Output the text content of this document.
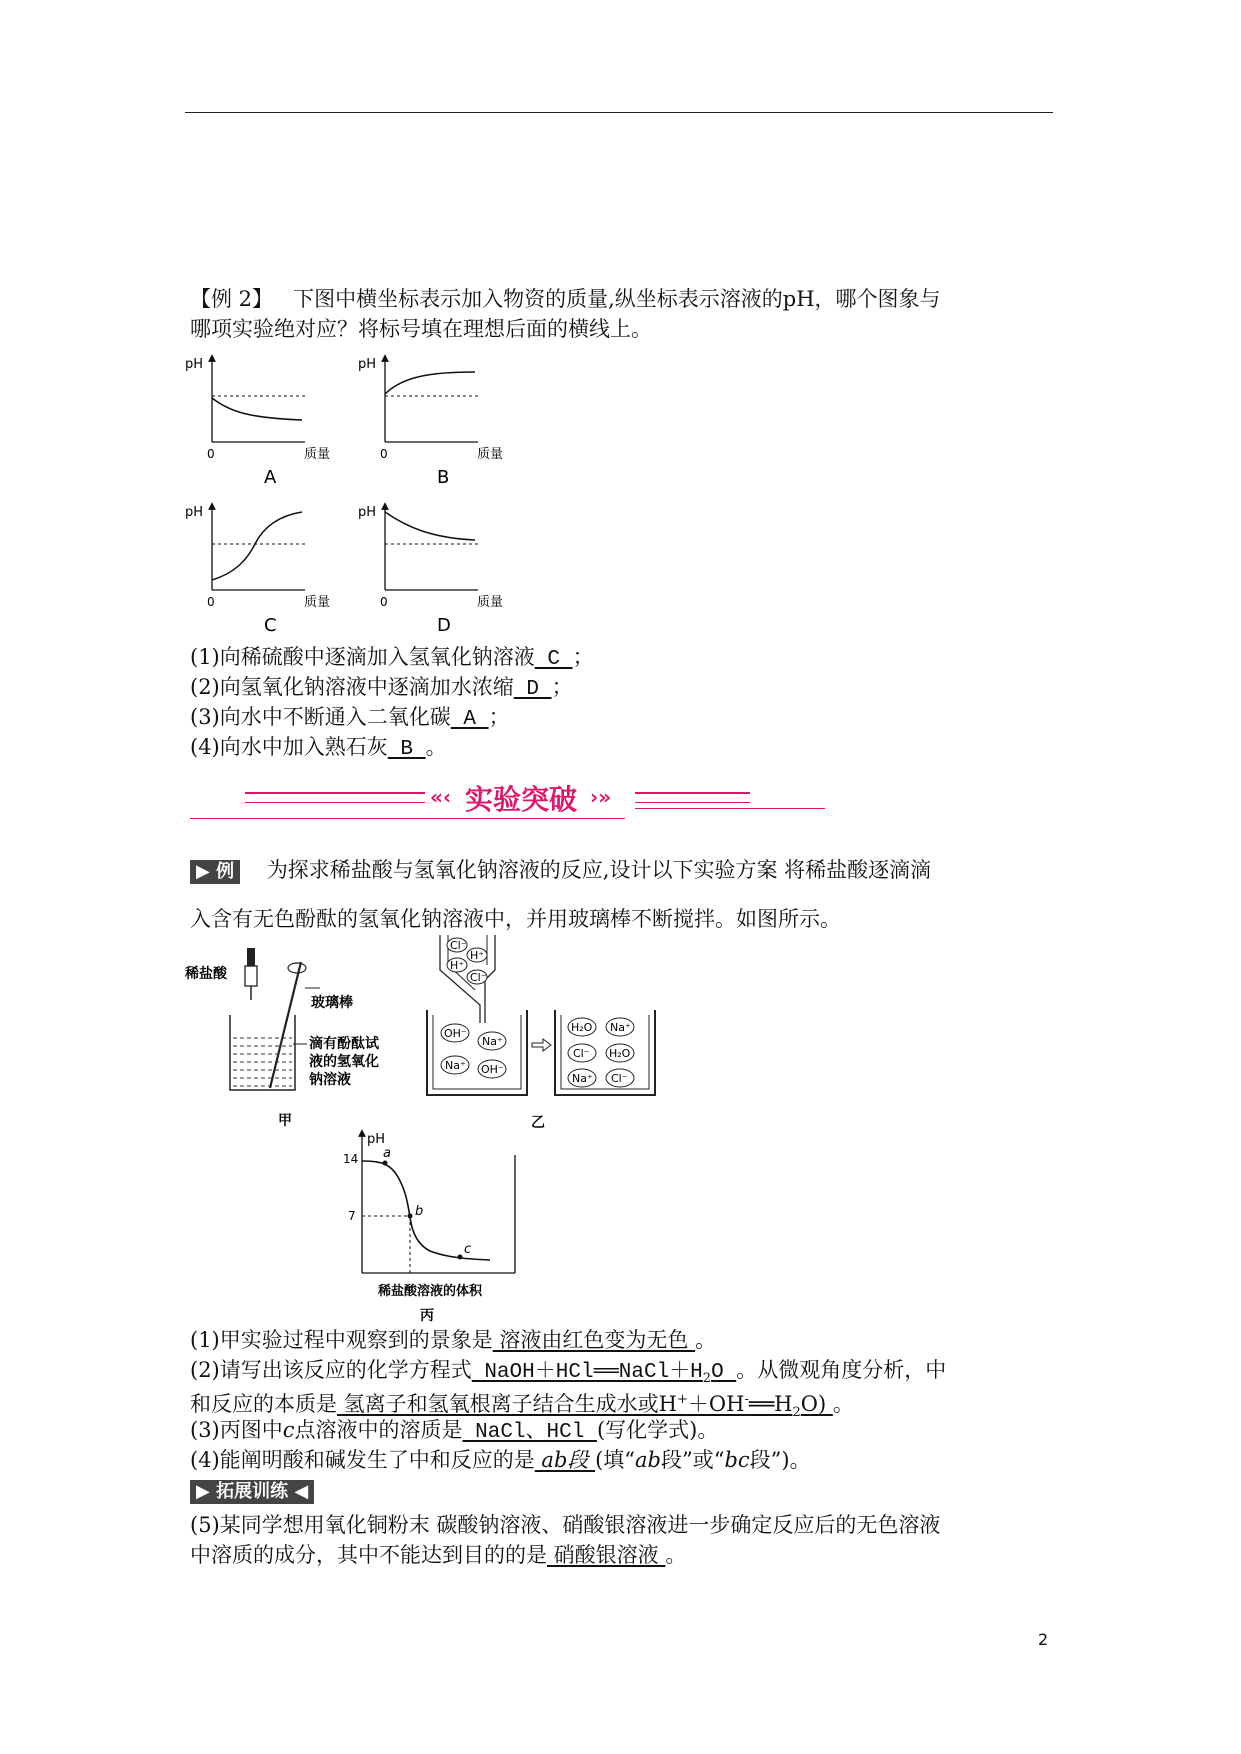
【例 2】 下图中横坐标表示加入物资的质量,纵坐标表示溶液的pH，哪个图象与
哪项实验绝对应？将标号填在理想后面的横线上。
pH
0	质量
A
pH
0	质量
B
pH
0	质量
C
pH
0	质量
D
(1)向稀硫酸中逐滴加入氢氧化钠溶液 C ；
(2)向氢氧化钠溶液中逐滴加水浓缩 D ；
(3)向水中不断通入二氧化碳 A ；
(4)向水中加入熟石灰 B 。
«‹ 实验突破 ›»
▶ 例 为探求稀盐酸与氢氧化钠溶液的反应,设计以下实验方案 将稀盐酸逐滴滴
入含有无色酚酞的氢氧化钠溶液中，并用玻璃棒不断搅拌。如图所示。
稀盐酸
玻璃棒
滴有酚酞试
液的氢氧化
钠溶液
甲
Cl⁻
H⁺
H⁺
Cl⁻
OH⁻
Na⁺
Na⁺ OH⁻
H₂O Na⁺
Cl⁻ H₂O
Na⁺ Cl⁻
乙
pH
14
7
a
b
c
稀盐酸溶液的体积
丙
(1)甲实验过程中观察到的景象是 溶液由红色变为无色 。
(2)请写出该反应的化学方程式 $NaOH+HCl══NaCl+H_2O$ 。从微观角度分析，中
和反应的本质是 氢离子和氢氧根离子结合生成水或$H^++OH^-══H_2O$) 。
(3)丙图中c点溶液中的溶质是 NaCl、HCl (写化学式)。
(4)能阐明酸和碱发生了中和反应的是 ab段 (填“ab段”或“bc段”)。
▶ 拓展训练 ◀
(5)某同学想用氧化铜粉末 碳酸钠溶液、硝酸银溶液进一步确定反应后的无色溶液
中溶质的成分，其中不能达到目的的是 硝酸银溶液 。
2
